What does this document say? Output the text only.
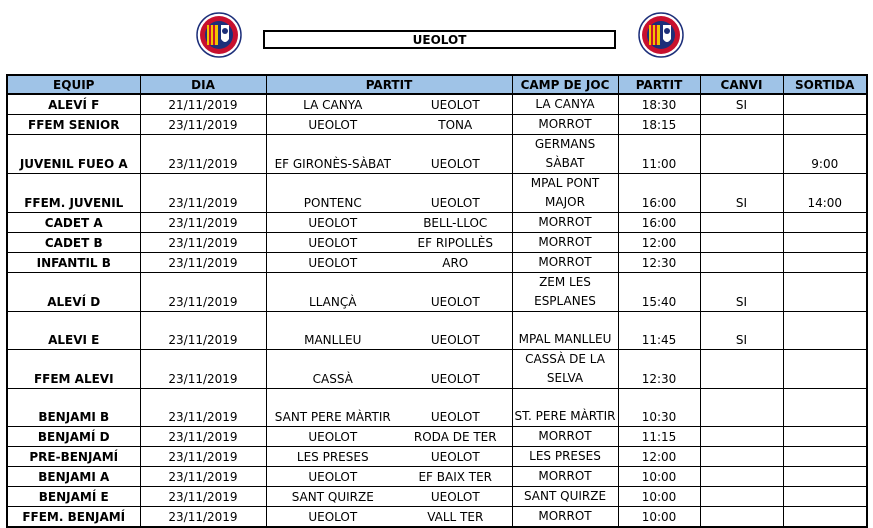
UEOLOT
EQUIP	DIA	PARTIT		CAMP DE JOC	PARTIT	CANVI	SORTIDA
ALEVÍ F	21/11/2019	LA CANYA	UEOLOT	LA CANYA	18:30	SI	
FFEM SENIOR	23/11/2019	UEOLOT	TONA	MORROT	18:15		
JUVENIL FUEO A	23/11/2019	EF GIRONÈS-SÀBAT	UEOLOT	GERMANS SÀBAT	11:00		9:00
FFEM. JUVENIL	23/11/2019	PONTENC	UEOLOT	MPAL PONT MAJOR	16:00	SI	14:00
CADET A	23/11/2019	UEOLOT	BELL-LLOC	MORROT	16:00		
CADET B	23/11/2019	UEOLOT	EF RIPOLLÈS	MORROT	12:00		
INFANTIL B	23/11/2019	UEOLOT	ARO	MORROT	12:30		
ALEVÍ D	23/11/2019	LLANÇÀ	UEOLOT	ZEM LES ESPLANES	15:40	SI	
ALEVI E	23/11/2019	MANLLEU	UEOLOT	MPAL MANLLEU	11:45	SI	
FFEM ALEVI	23/11/2019	CASSÀ	UEOLOT	CASSÀ DE LA SELVA	12:30		
BENJAMI B	23/11/2019	SANT PERE MÀRTIR	UEOLOT	ST. PERE MÀRTIR	10:30		
BENJAMÍ D	23/11/2019	UEOLOT	RODA DE TER	MORROT	11:15		
PRE-BENJAMÍ	23/11/2019	LES PRESES	UEOLOT	LES PRESES	12:00		
BENJAMI A	23/11/2019	UEOLOT	EF BAIX TER	MORROT	10:00		
BENJAMÍ E	23/11/2019	SANT QUIRZE	UEOLOT	SANT QUIRZE	10:00		
FFEM. BENJAMÍ	23/11/2019	UEOLOT	VALL TER	MORROT	10:00		
